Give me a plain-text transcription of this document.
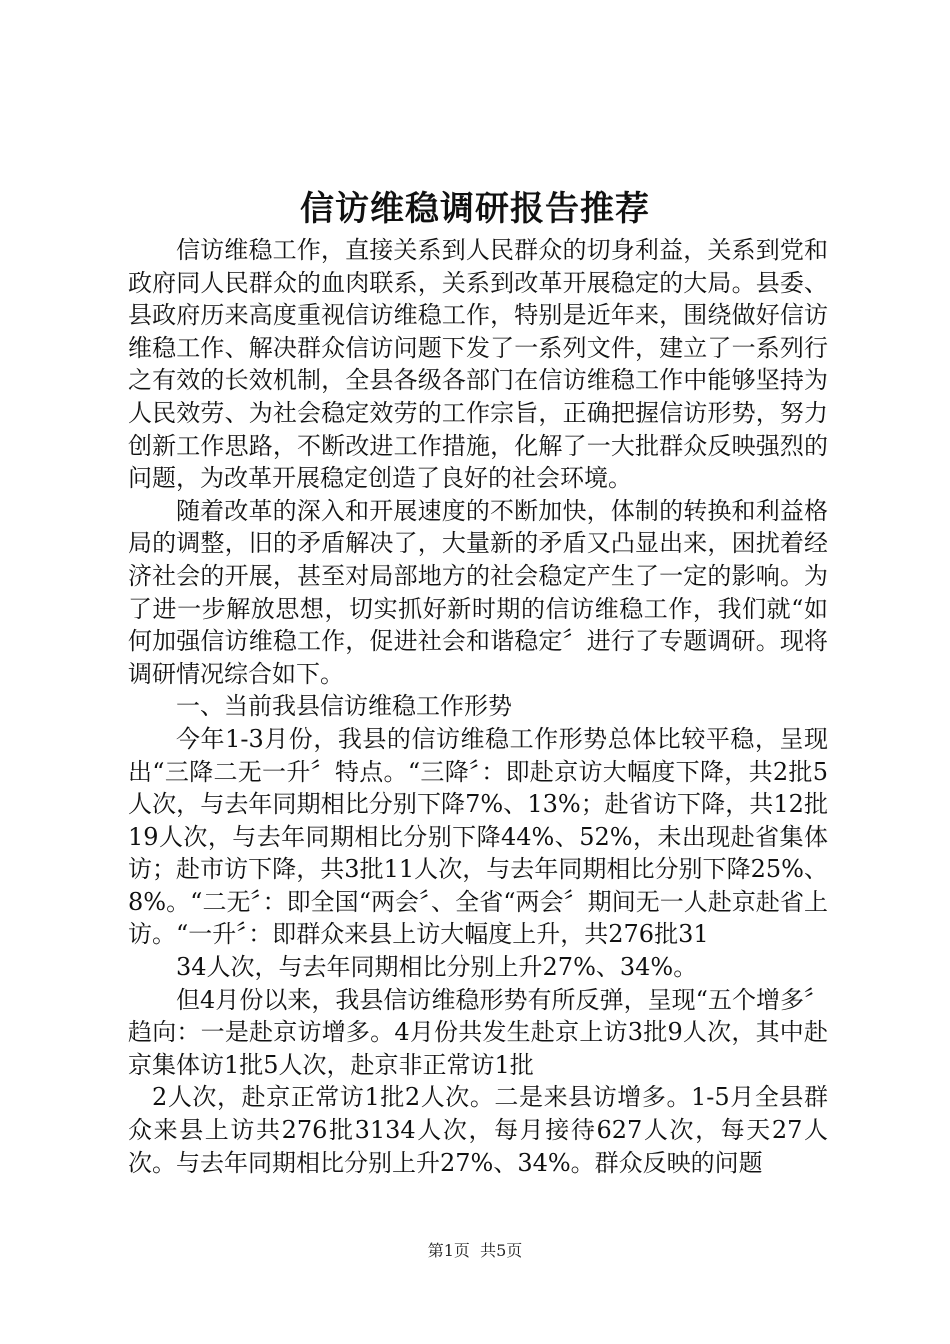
信访维稳调研报告推荐

信访维稳工作，直接关系到人民群众的切身利益，关系到党和政府同人民群众的血肉联系，关系到改革开展稳定的大局。县委、县政府历来高度重视信访维稳工作，特别是近年来，围绕做好信访维稳工作、解决群众信访问题下发了一系列文件，建立了一系列行之有效的长效机制，全县各级各部门在信访维稳工作中能够坚持为人民效劳、为社会稳定效劳的工作宗旨，正确把握信访形势，努力创新工作思路，不断改进工作措施，化解了一大批群众反映强烈的问题，为改革开展稳定创造了良好的社会环境。

随着改革的深入和开展速度的不断加快，体制的转换和利益格局的调整，旧的矛盾解决了，大量新的矛盾又凸显出来，困扰着经济社会的开展，甚至对局部地方的社会稳定产生了一定的影响。为了进一步解放思想，切实抓好新时期的信访维稳工作，我们就“如何加强信访维稳工作，促进社会和谐稳定〞进行了专题调研。现将调研情况综合如下。

一、当前我县信访维稳工作形势

今年1-3月份，我县的信访维稳工作形势总体比较平稳，呈现出“三降二无一升〞特点。“三降〞：即赴京访大幅度下降，共2批5人次，与去年同期相比分别下降7%、13%；赴省访下降，共12批19人次，与去年同期相比分别下降44%、52%，未出现赴省集体访；赴市访下降，共3批11人次，与去年同期相比分别下降25%、8%。“二无〞：即全国“两会〞、全省“两会〞期间无一人赴京赴省上访。“一升〞：即群众来县上访大幅度上升，共276批31

34人次，与去年同期相比分别上升27%、34%。

但4月份以来，我县信访维稳形势有所反弹，呈现“五个增多〞趋向：一是赴京访增多。4月份共发生赴京上访3批9人次，其中赴京集体访1批5人次，赴京非正常访1批

2人次，赴京正常访1批2人次。二是来县访增多。1-5月全县群众来县上访共276批3134人次，每月接待627人次，每天27人次。与去年同期相比分别上升27%、34%。群众反映的问题

第1页 共5页
